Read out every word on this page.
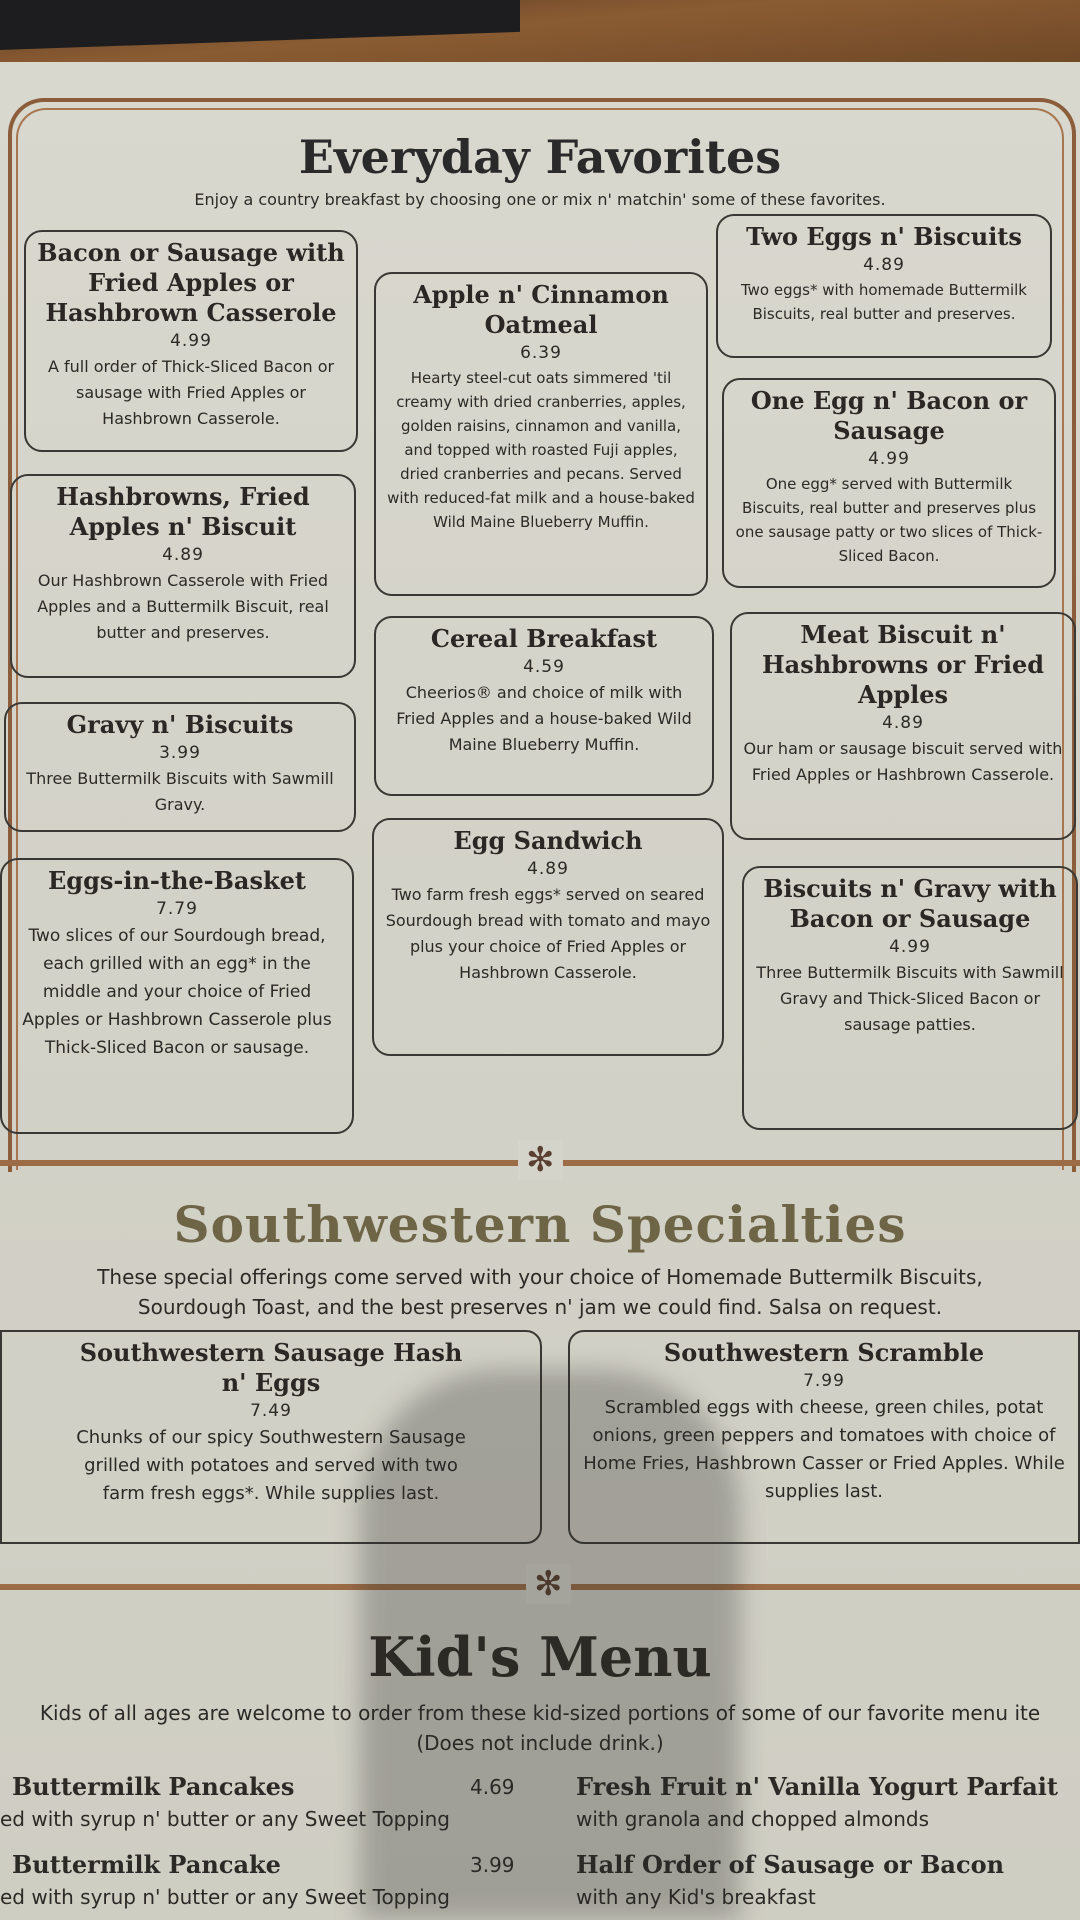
Everyday Favorites
Enjoy a country breakfast by choosing one or mix n' matchin' some of these favorites.
Bacon or Sausage with Fried Apples or Hashbrown Casserole
4.99
A full order of Thick-Sliced Bacon or sausage with Fried Apples or Hashbrown Casserole.
Apple n' Cinnamon Oatmeal
6.39
Hearty steel-cut oats simmered 'til creamy with dried cranberries, apples, golden raisins, cinnamon and vanilla, and topped with roasted Fuji apples, dried cranberries and pecans. Served with reduced-fat milk and a house-baked Wild Maine Blueberry Muffin.
Two Eggs n' Biscuits
4.89
Two eggs* with homemade Buttermilk Biscuits, real butter and preserves.
One Egg n' Bacon or Sausage
4.99
One egg* served with Buttermilk Biscuits, real butter and preserves plus one sausage patty or two slices of Thick-Sliced Bacon.
Hashbrowns, Fried Apples n' Biscuit
4.89
Our Hashbrown Casserole with Fried Apples and a Buttermilk Biscuit, real butter and preserves.	Cereal Breakfast
4.59
Cheerios® and choice of milk with Fried Apples and a house-baked Wild Maine Blueberry Muffin.
Meat Biscuit n' Hashbrowns or Fried Apples
4.89
Our ham or sausage biscuit served with Fried Apples or Hashbrown Casserole.
Gravy n' Biscuits
3.99
Three Buttermilk Biscuits with Sawmill Gravy.
Egg Sandwich
4.89
Two farm fresh eggs* served on seared Sourdough bread with tomato and mayo plus your choice of Fried Apples or Hashbrown Casserole.
Eggs-in-the-Basket
7.79
Two slices of our Sourdough bread, each grilled with an egg* in the middle and your choice of Fried Apples or Hashbrown Casserole plus Thick-Sliced Bacon or sausage.
Biscuits n' Gravy with Bacon or Sausage
4.99
Three Buttermilk Biscuits with Sawmill Gravy and Thick-Sliced Bacon or sausage patties.
✻
Southwestern Specialties
These special offerings come served with your choice of Homemade Buttermilk Biscuits, Sourdough Toast, and the best preserves n' jam we could find. Salsa on request.
Southwestern Sausage Hash n' Eggs
7.49
Chunks of our spicy Southwestern Sausage grilled with potatoes and served with two farm fresh eggs*. While supplies last.
Southwestern Scramble
7.99
Scrambled eggs with cheese, green chiles, potat onions, green peppers and tomatoes with choice of Home Fries, Hashbrown Casser or Fried Apples. While supplies last.
✻
Kid's Menu
Kids of all ages are welcome to order from these kid-sized portions of some of our favorite menu ite
(Does not include drink.)
Buttermilk Pancakes
ed with syrup n' butter or any Sweet Topping
4.69
Buttermilk Pancake
ed with syrup n' butter or any Sweet Topping
3.99
Fresh Fruit n' Vanilla Yogurt Parfait
with granola and chopped almonds
Half Order of Sausage or Bacon
with any Kid's breakfast
